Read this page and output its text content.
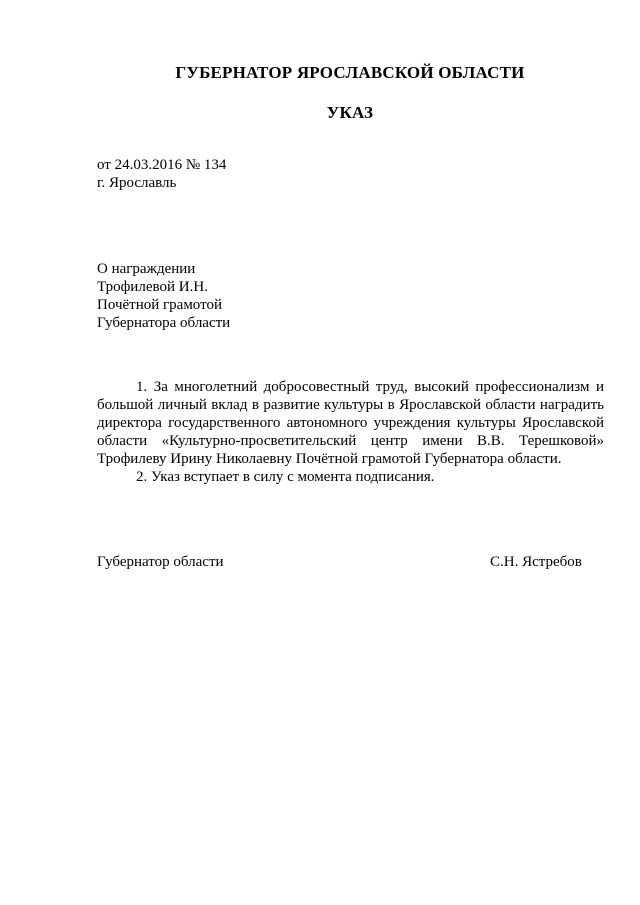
ГУБЕРНАТОР ЯРОСЛАВСКОЙ ОБЛАСТИ
УКАЗ
от 24.03.2016 № 134
г. Ярославль
О награждении
Трофилевой И.Н.
Почётной грамотой
Губернатора области

1. За многолетний добросовестный труд, высокий профессионализм и большой личный вклад в развитие культуры в Ярославской области наградить директора государственного автономного учреждения культуры Ярославской области «Культурно-просветительский центр имени В.В. Терешковой» Трофилеву Ирину Николаевну Почётной грамотой Губернатора области.

2. Указ вступает в силу с момента подписания.

Губернатор области	С.Н. Ястребов
